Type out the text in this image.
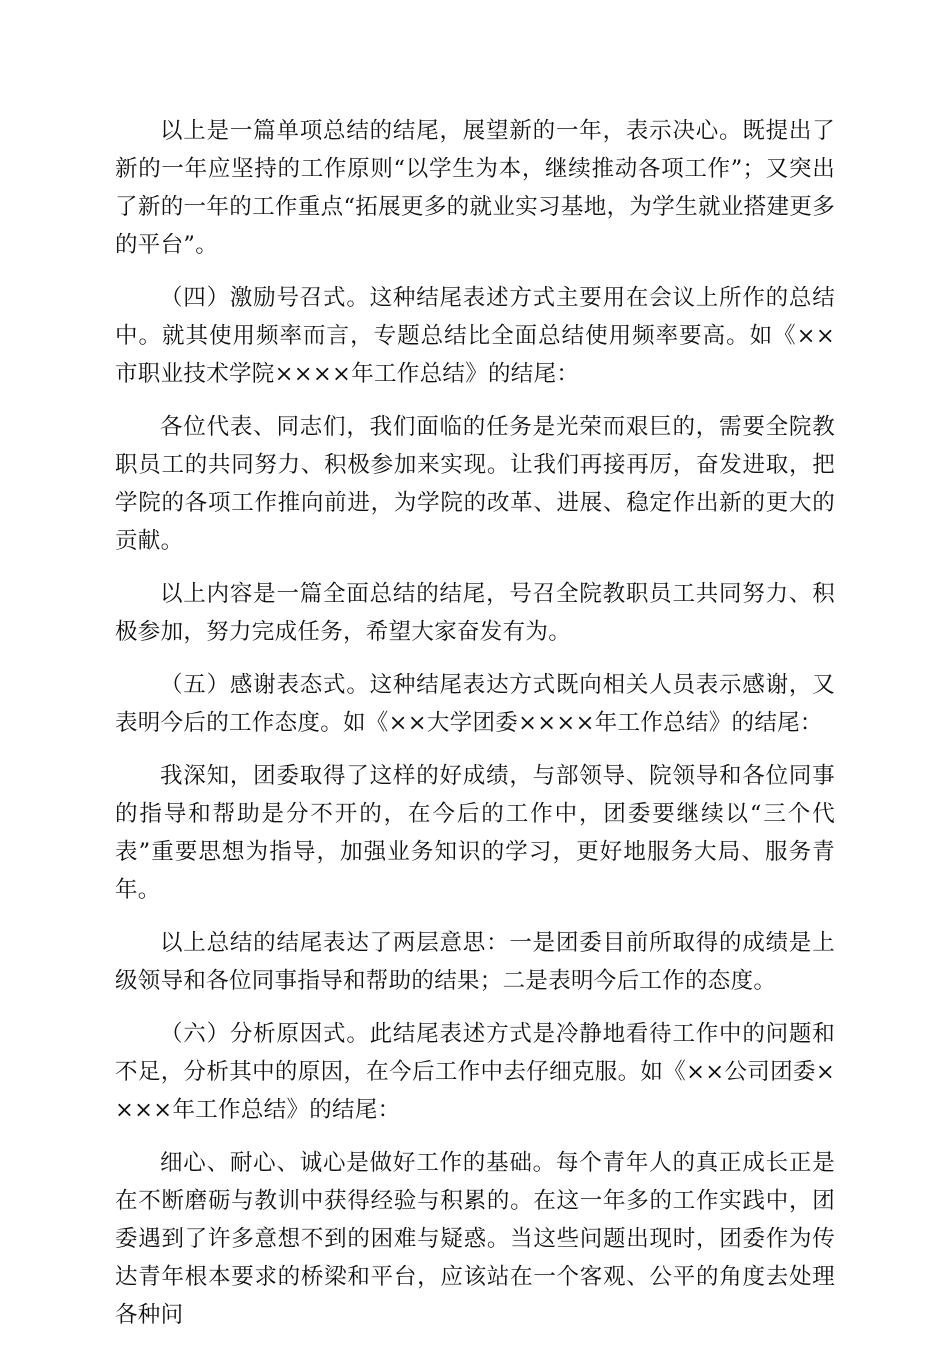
以上是一篇单项总结的结尾，展望新的一年，表示决心。既提出了新的一年应坚持的工作原则“以学生为本，继续推动各项工作”；又突出了新的一年的工作重点“拓展更多的就业实习基地，为学生就业搭建更多的平台”。

（四）激励号召式。这种结尾表述方式主要用在会议上所作的总结中。就其使用频率而言，专题总结比全面总结使用频率要高。如《××市职业技术学院××××年工作总结》的结尾：

各位代表、同志们，我们面临的任务是光荣而艰巨的，需要全院教职员工的共同努力、积极参加来实现。让我们再接再厉，奋发进取，把学院的各项工作推向前进，为学院的改革、进展、稳定作出新的更大的贡献。

以上内容是一篇全面总结的结尾，号召全院教职员工共同努力、积极参加，努力完成任务，希望大家奋发有为。

（五）感谢表态式。这种结尾表达方式既向相关人员表示感谢，又表明今后的工作态度。如《××大学团委××××年工作总结》的结尾：

我深知，团委取得了这样的好成绩，与部领导、院领导和各位同事的指导和帮助是分不开的，在今后的工作中，团委要继续以“三个代表”重要思想为指导，加强业务知识的学习，更好地服务大局、服务青年。

以上总结的结尾表达了两层意思：一是团委目前所取得的成绩是上级领导和各位同事指导和帮助的结果；二是表明今后工作的态度。

（六）分析原因式。此结尾表述方式是冷静地看待工作中的问题和不足，分析其中的原因，在今后工作中去仔细克服。如《××公司团委××××年工作总结》的结尾：

细心、耐心、诚心是做好工作的基础。每个青年人的真正成长正是在不断磨砺与教训中获得经验与积累的。在这一年多的工作实践中，团委遇到了许多意想不到的困难与疑惑。当这些问题出现时，团委作为传达青年根本要求的桥梁和平台，应该站在一个客观、公平的角度去处理各种问
